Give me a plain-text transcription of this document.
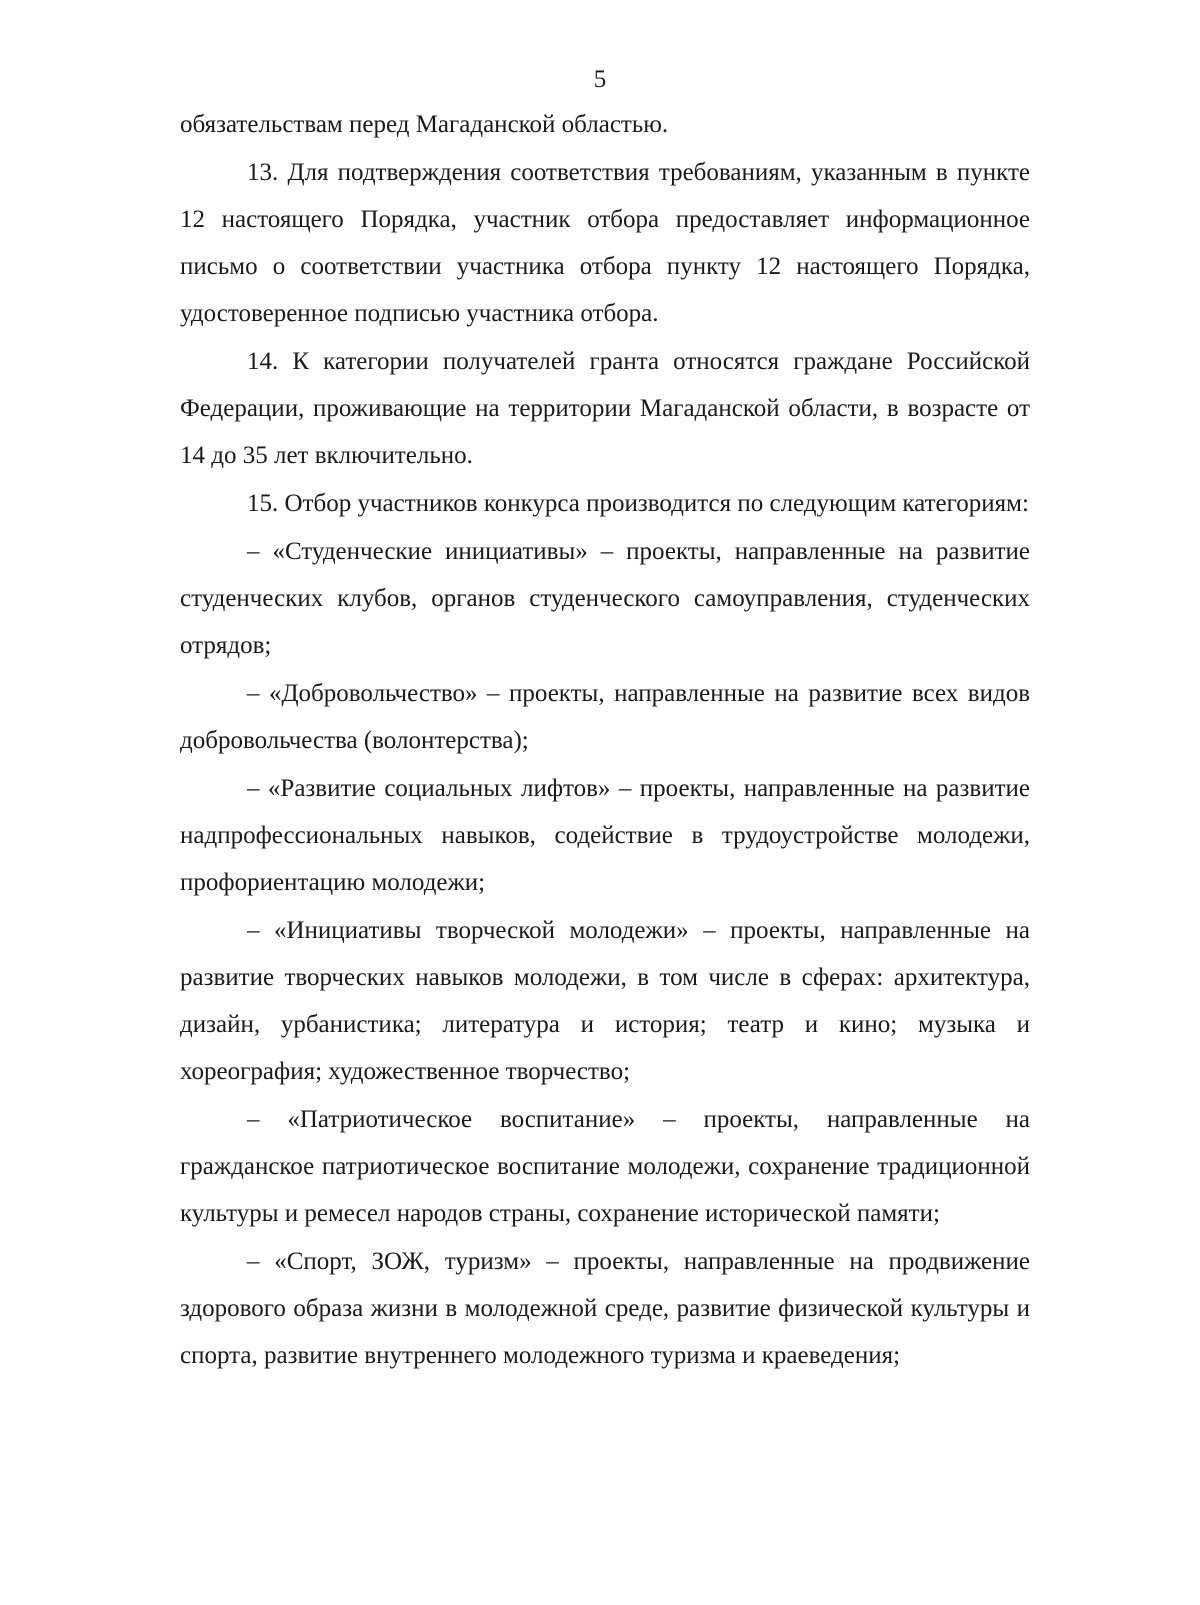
5

обязательствам перед Магаданской областью.

13. Для подтверждения соответствия требованиям, указанным в пункте 12 настоящего Порядка, участник отбора предоставляет информационное письмо о соответствии участника отбора пункту 12 настоящего Порядка, удостоверенное подписью участника отбора.

14. К категории получателей гранта относятся граждане Российской Федерации, проживающие на территории Магаданской области, в возрасте от 14 до 35 лет включительно.

15. Отбор участников конкурса производится по следующим категориям:

– «Студенческие инициативы» – проекты, направленные на развитие студенческих клубов, органов студенческого самоуправления, студенческих отрядов;

– «Добровольчество» – проекты, направленные на развитие всех видов добровольчества (волонтерства);

– «Развитие социальных лифтов» – проекты, направленные на развитие надпрофессиональных навыков, содействие в трудоустройстве молодежи, профориентацию молодежи;

– «Инициативы творческой молодежи» – проекты, направленные на развитие творческих навыков молодежи, в том числе в сферах: архитектура, дизайн, урбанистика; литература и история; театр и кино; музыка и хореография; художественное творчество;

– «Патриотическое воспитание» – проекты, направленные на гражданское патриотическое воспитание молодежи, сохранение традиционной культуры и ремесел народов страны, сохранение исторической памяти;

– «Спорт, ЗОЖ, туризм» – проекты, направленные на продвижение здорового образа жизни в молодежной среде, развитие физической культуры и спорта, развитие внутреннего молодежного туризма и краеведения;
